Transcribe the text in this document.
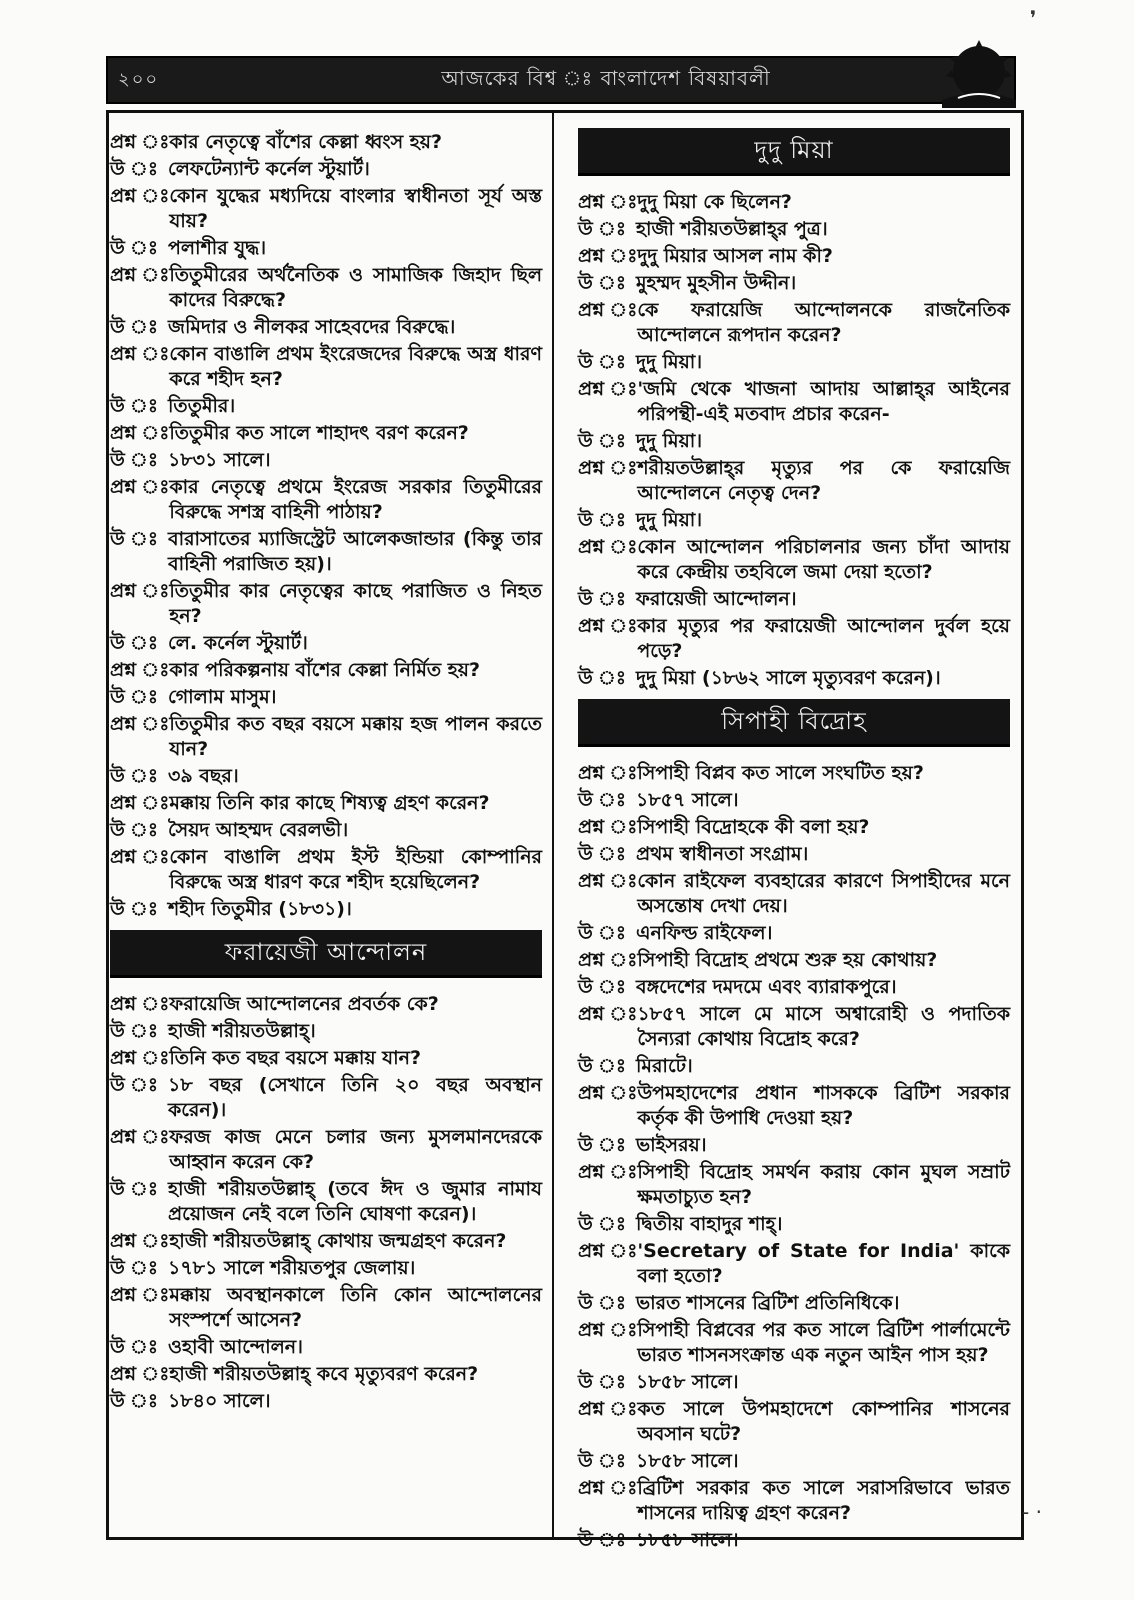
২০০	আজকের বিশ্ব ঃ বাংলাদেশ বিষয়াবলী
প্রশ্ন ঃ কার নেতৃত্বে বাঁশের কেল্লা ধ্বংস হয়?
উ ঃ লেফটেন্যান্ট কর্নেল স্টুয়ার্ট।
প্রশ্ন ঃ কোন যুদ্ধের মধ্যদিয়ে বাংলার স্বাধীনতা সূর্য অস্ত যায়?
উ ঃ পলাশীর যুদ্ধ।
প্রশ্ন ঃ তিতুমীরের অর্থনৈতিক ও সামাজিক জিহাদ ছিল কাদের বিরুদ্ধে?
উ ঃ জমিদার ও নীলকর সাহেবদের বিরুদ্ধে।
প্রশ্ন ঃ কোন বাঙালি প্রথম ইংরেজদের বিরুদ্ধে অস্ত্র ধারণ করে শহীদ হন?
উ ঃ তিতুমীর।
প্রশ্ন ঃ তিতুমীর কত সালে শাহাদৎ বরণ করেন?
উ ঃ ১৮৩১ সালে।
প্রশ্ন ঃ কার নেতৃত্বে প্রথমে ইংরেজ সরকার তিতুমীরের বিরুদ্ধে সশস্ত্র বাহিনী পাঠায়?
উ ঃ বারাসাতের ম্যাজিস্ট্রেট আলেকজান্ডার (কিন্তু তার বাহিনী পরাজিত হয়)।
প্রশ্ন ঃ তিতুমীর কার নেতৃত্বের কাছে পরাজিত ও নিহত হন?
উ ঃ লে. কর্নেল স্টুয়ার্ট।
প্রশ্ন ঃ কার পরিকল্পনায় বাঁশের কেল্লা নির্মিত হয়?
উ ঃ গোলাম মাসুম।
প্রশ্ন ঃ তিতুমীর কত বছর বয়সে মক্কায় হজ পালন করতে যান?
উ ঃ ৩৯ বছর।
প্রশ্ন ঃ মক্কায় তিনি কার কাছে শিষ্যত্ব গ্রহণ করেন?
উ ঃ সৈয়দ আহম্মদ বেরলভী।
প্রশ্ন ঃ কোন বাঙালি প্রথম ইস্ট ইন্ডিয়া কোম্পানির বিরুদ্ধে অস্ত্র ধারণ করে শহীদ হয়েছিলেন?
উ ঃ শহীদ তিতুমীর (১৮৩১)।
ফরায়েজী আন্দোলন
প্রশ্ন ঃ ফরায়েজি আন্দোলনের প্রবর্তক কে?
উ ঃ হাজী শরীয়তউল্লাহ্।
প্রশ্ন ঃ তিনি কত বছর বয়সে মক্কায় যান?
উ ঃ ১৮ বছর (সেখানে তিনি ২০ বছর অবস্থান করেন)।
প্রশ্ন ঃ ফরজ কাজ মেনে চলার জন্য মুসলমানদেরকে আহ্বান করেন কে?
উ ঃ হাজী শরীয়তউল্লাহ্ (তবে ঈদ ও জুমার নামায প্রয়োজন নেই বলে তিনি ঘোষণা করেন)।
প্রশ্ন ঃ হাজী শরীয়তউল্লাহ্ কোথায় জন্মগ্রহণ করেন?
উ ঃ ১৭৮১ সালে শরীয়তপুর জেলায়।
প্রশ্ন ঃ মক্কায় অবস্থানকালে তিনি কোন আন্দোলনের সংস্পর্শে আসেন?
উ ঃ ওহাবী আন্দোলন।
প্রশ্ন ঃ হাজী শরীয়তউল্লাহ্ কবে মৃত্যুবরণ করেন?
উ ঃ ১৮৪০ সালে।
দুদু মিয়া
প্রশ্ন ঃ দুদু মিয়া কে ছিলেন?
উ ঃ হাজী শরীয়তউল্লাহ্‌র পুত্র।
প্রশ্ন ঃ দুদু মিয়ার আসল নাম কী?
উ ঃ মুহম্মদ মুহসীন উদ্দীন।
প্রশ্ন ঃ কে ফরায়েজি আন্দোলনকে রাজনৈতিক আন্দোলনে রূপদান করেন?
উ ঃ দুদু মিয়া।
প্রশ্ন ঃ 'জমি থেকে খাজনা আদায় আল্লাহ্‌র আইনের পরিপন্থী-এই মতবাদ প্রচার করেন-
উ ঃ দুদু মিয়া।
প্রশ্ন ঃ শরীয়তউল্লাহ্‌র মৃত্যুর পর কে ফরায়েজি আন্দোলনে নেতৃত্ব দেন?
উ ঃ দুদু মিয়া।
প্রশ্ন ঃ কোন আন্দোলন পরিচালনার জন্য চাঁদা আদায় করে কেন্দ্রীয় তহবিলে জমা দেয়া হতো?
উ ঃ ফরায়েজী আন্দোলন।
প্রশ্ন ঃ কার মৃত্যুর পর ফরায়েজী আন্দোলন দুর্বল হয়ে পড়ে?
উ ঃ দুদু মিয়া (১৮৬২ সালে মৃত্যুবরণ করেন)।
সিপাহী বিদ্রোহ
প্রশ্ন ঃ সিপাহী বিপ্লব কত সালে সংঘটিত হয়?
উ ঃ ১৮৫৭ সালে।
প্রশ্ন ঃ সিপাহী বিদ্রোহকে কী বলা হয়?
উ ঃ প্রথম স্বাধীনতা সংগ্রাম।
প্রশ্ন ঃ কোন রাইফেল ব্যবহারের কারণে সিপাহীদের মনে অসন্তোষ দেখা দেয়।
উ ঃ এনফিল্ড রাইফেল।
প্রশ্ন ঃ সিপাহী বিদ্রোহ প্রথমে শুরু হয় কোথায়?
উ ঃ বঙ্গদেশের দমদমে এবং ব্যারাকপুরে।
প্রশ্ন ঃ ১৮৫৭ সালে মে মাসে অশ্বারোহী ও পদাতিক সৈন্যরা কোথায় বিদ্রোহ করে?
উ ঃ মিরাটে।
প্রশ্ন ঃ উপমহাদেশের প্রধান শাসককে ব্রিটিশ সরকার কর্তৃক কী উপাধি দেওয়া হয়?
উ ঃ ভাইসরয়।
প্রশ্ন ঃ সিপাহী বিদ্রোহ সমর্থন করায় কোন মুঘল সম্রাট ক্ষমতাচ্যুত হন?
উ ঃ দ্বিতীয় বাহাদুর শাহ্‌।
প্রশ্ন ঃ 'Secretary of State for India' কাকে বলা হতো?
উ ঃ ভারত শাসনের ব্রিটিশ প্রতিনিধিকে।
প্রশ্ন ঃ সিপাহী বিপ্লবের পর কত সালে ব্রিটিশ পার্লামেন্টে ভারত শাসনসংক্রান্ত এক নতুন আইন পাস হয়?
উ ঃ ১৮৫৮ সালে।
প্রশ্ন ঃ কত সালে উপমহাদেশে কোম্পানির শাসনের অবসান ঘটে?
উ ঃ ১৮৫৮ সালে।
প্রশ্ন ঃ ব্রিটিশ সরকার কত সালে সরাসরিভাবে ভারত শাসনের দায়িত্ব গ্রহণ করেন?
উ ঃ ১৮৫৮ সালে।
❜
- ·
